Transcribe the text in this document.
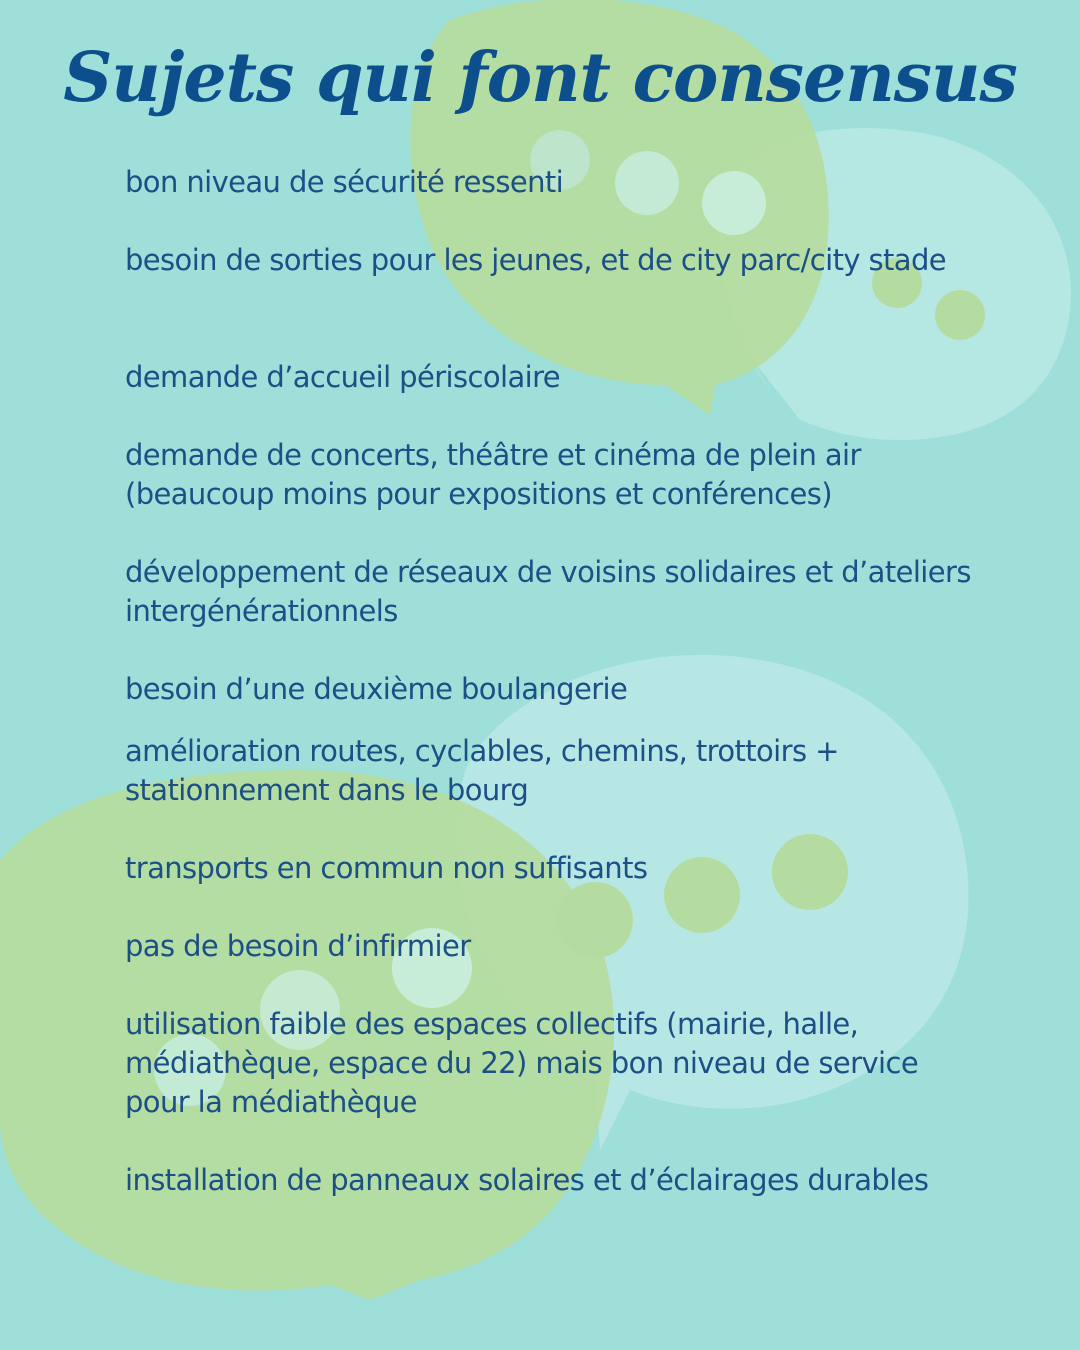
Sujets qui font consensus

bon niveau de sécurité ressenti

besoin de sorties pour les jeunes, et de city parc/city stade

demande d’accueil périscolaire

demande de concerts, théâtre et cinéma de plein air (beaucoup moins pour expositions et conférences)

développement de réseaux de voisins solidaires et d’ateliers intergénérationnels

besoin d’une deuxième boulangerie

amélioration routes, cyclables, chemins, trottoirs + stationnement dans le bourg

transports en commun non suffisants

pas de besoin d’infirmier

utilisation faible des espaces collectifs (mairie, halle, médiathèque, espace du 22) mais bon niveau de service pour la médiathèque

installation de panneaux solaires et d’éclairages durables
